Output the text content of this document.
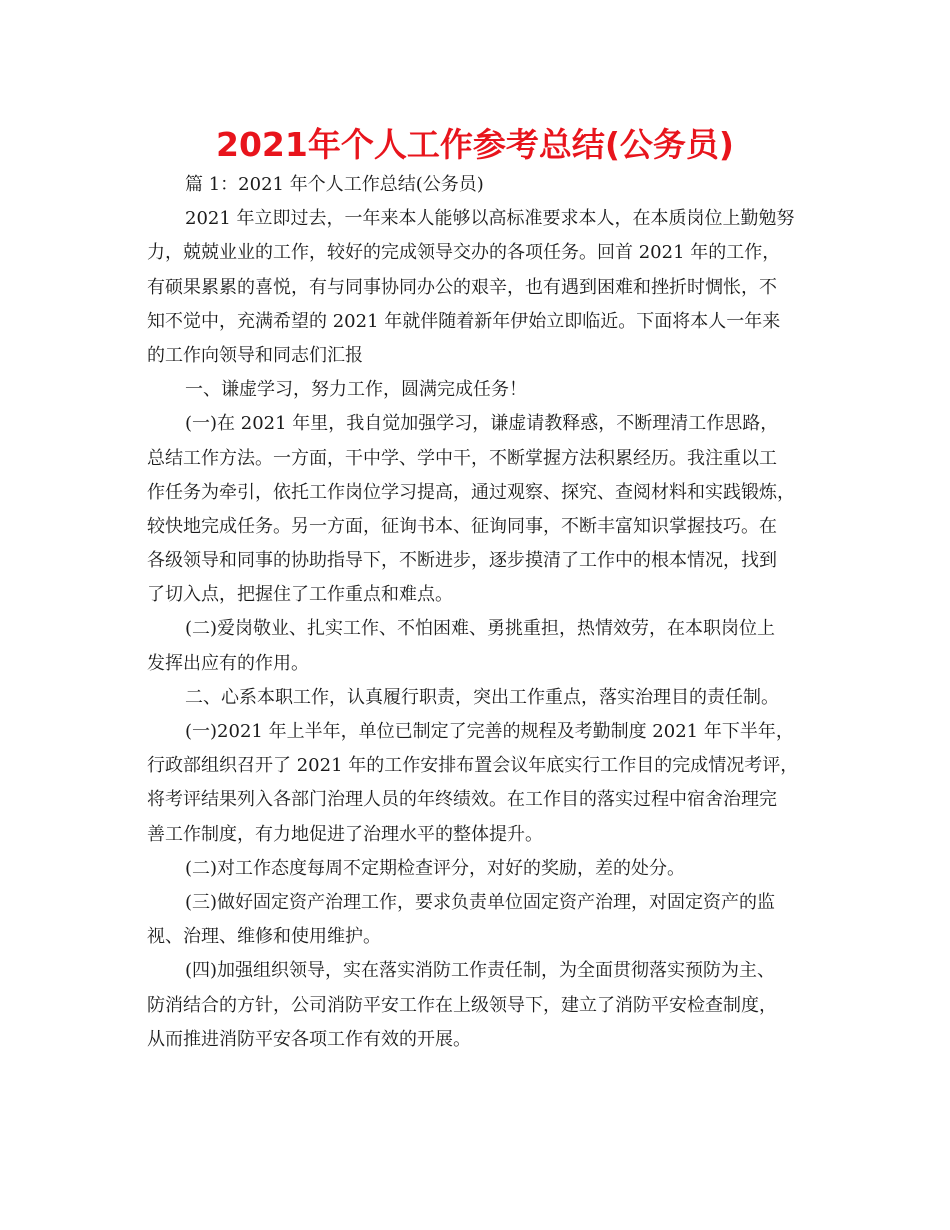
2021年个人工作参考总结(公务员)
篇 1：2021 年个人工作总结(公务员)
2021 年立即过去，一年来本人能够以高标准要求本人，在本质岗位上勤勉努
力，兢兢业业的工作，较好的完成领导交办的各项任务。回首 2021 年的工作，
有硕果累累的喜悦，有与同事协同办公的艰辛，也有遇到困难和挫折时惆怅，不
知不觉中，充满希望的 2021 年就伴随着新年伊始立即临近。下面将本人一年来
的工作向领导和同志们汇报
一、谦虚学习，努力工作，圆满完成任务！
(一)在 2021 年里，我自觉加强学习，谦虚请教释惑，不断理清工作思路，
总结工作方法。一方面，干中学、学中干，不断掌握方法积累经历。我注重以工
作任务为牵引，依托工作岗位学习提高，通过观察、探究、查阅材料和实践锻炼，
较快地完成任务。另一方面，征询书本、征询同事，不断丰富知识掌握技巧。在
各级领导和同事的协助指导下，不断进步，逐步摸清了工作中的根本情况，找到
了切入点，把握住了工作重点和难点。
(二)爱岗敬业、扎实工作、不怕困难、勇挑重担，热情效劳，在本职岗位上
发挥出应有的作用。
二、心系本职工作，认真履行职责，突出工作重点，落实治理目的责任制。
(一)2021 年上半年，单位已制定了完善的规程及考勤制度 2021 年下半年，
行政部组织召开了 2021 年的工作安排布置会议年底实行工作目的完成情况考评，
将考评结果列入各部门治理人员的年终绩效。在工作目的落实过程中宿舍治理完
善工作制度，有力地促进了治理水平的整体提升。
(二)对工作态度每周不定期检查评分，对好的奖励，差的处分。
(三)做好固定资产治理工作，要求负责单位固定资产治理，对固定资产的监
视、治理、维修和使用维护。
(四)加强组织领导，实在落实消防工作责任制，为全面贯彻落实预防为主、
防消结合的方针，公司消防平安工作在上级领导下，建立了消防平安检查制度，
从而推进消防平安各项工作有效的开展。
